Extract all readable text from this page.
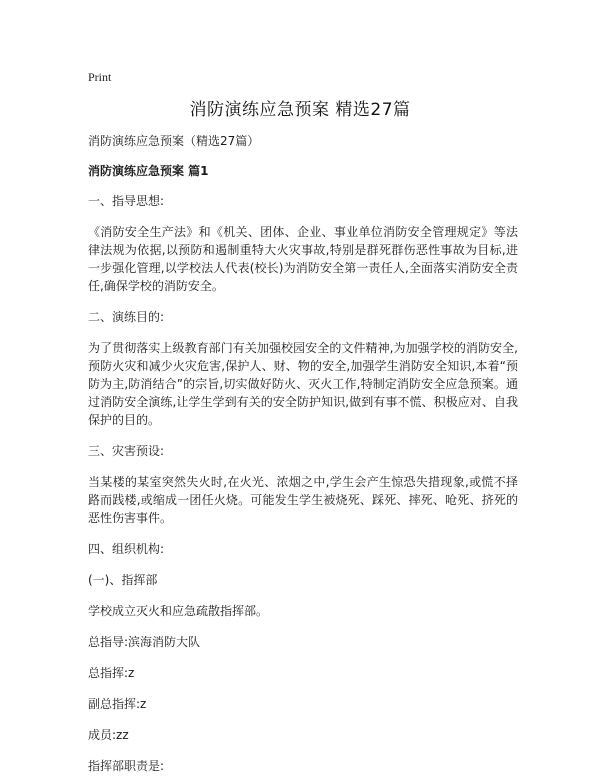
Print
消防演练应急预案 精选27篇

消防演练应急预案（精选27篇）

消防演练应急预案 篇1

一、指导思想:

《消防安全生产法》和《机关、团体、企业、事业单位消防安全管理规定》等法律法规为依据,以预防和遏制重特大火灾事故,特别是群死群伤恶性事故为目标,进一步强化管理,以学校法人代表(校长)为消防安全第一责任人,全面落实消防安全责任,确保学校的消防安全。

二、演练目的:

为了贯彻落实上级教育部门有关加强校园安全的文件精神,为加强学校的消防安全,预防火灾和减少火灾危害,保护人、财、物的安全,加强学生消防安全知识,本着“预防为主,防消结合”的宗旨,切实做好防火、灭火工作,特制定消防安全应急预案。通过消防安全演练,让学生学到有关的安全防护知识,做到有事不慌、积极应对、自我保护的目的。

三、灾害预设:

当某楼的某室突然失火时,在火光、浓烟之中,学生会产生惊恐失措现象,或慌不择路而践楼,或缩成一团任火烧。可能发生学生被烧死、踩死、摔死、呛死、挤死的恶性伤害事件。

四、组织机构:

(一)、指挥部

学校成立灭火和应急疏散指挥部。

总指导:滨海消防大队

总指挥:z

副总指挥:z

成员:zz

指挥部职责是:
